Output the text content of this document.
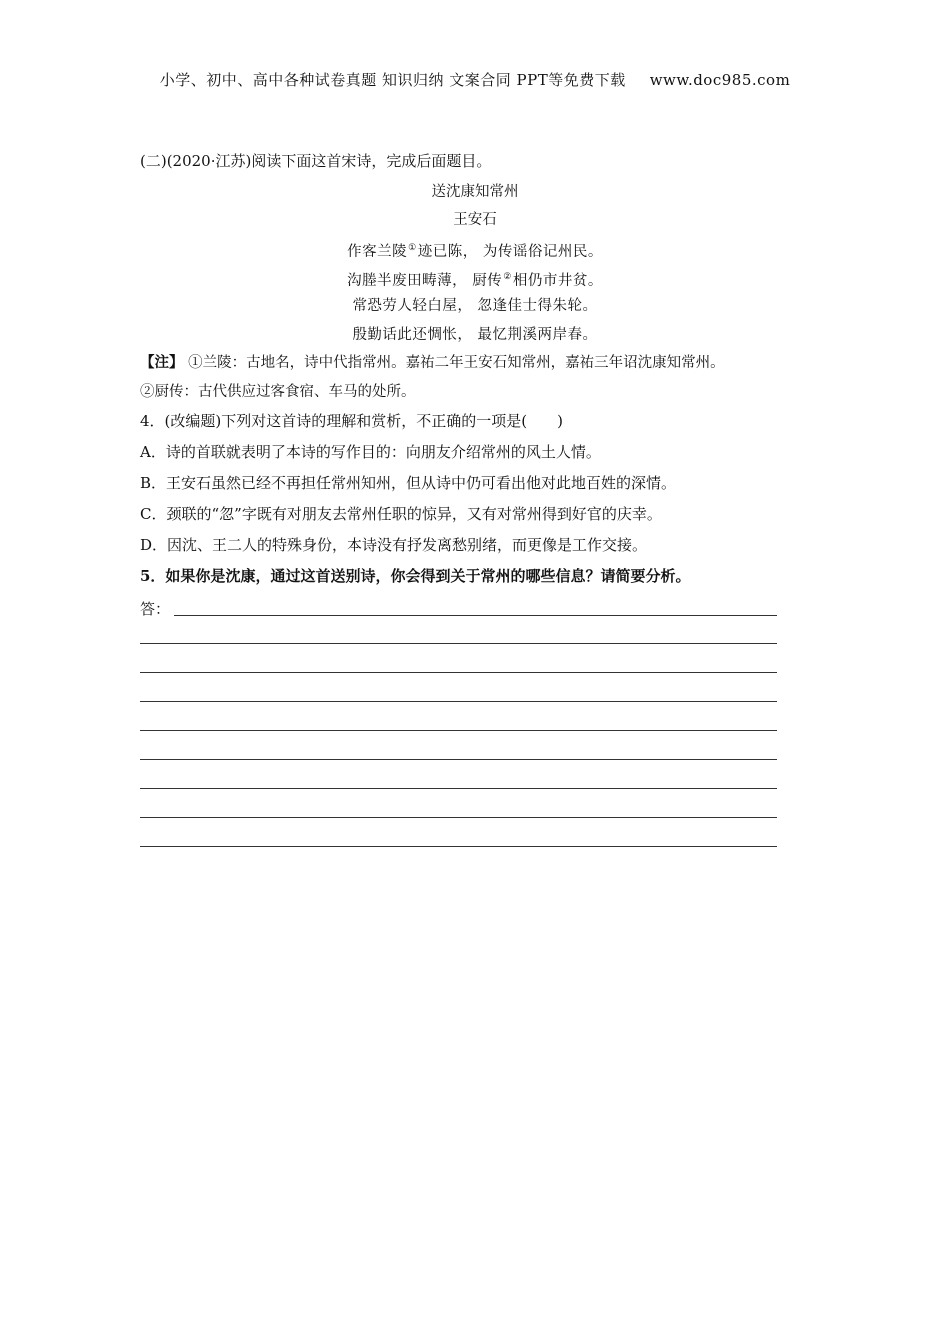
小学、初中、高中各种试卷真题 知识归纳 文案合同 PPT等免费下载 www.doc985.com
(二)(2020·江苏)阅读下面这首宋诗，完成后面题目。
送沈康知常州
王安石
作客兰陵①迹已陈， 为传谣俗记州民。
沟塍半废田畴薄， 厨传②相仍市井贫。
常恐劳人轻白屋， 忽逢佳士得朱轮。
殷勤话此还惆怅， 最忆荆溪两岸春。
【注】 ①兰陵：古地名，诗中代指常州。嘉祐二年王安石知常州，嘉祐三年诏沈康知常州。
②厨传：古代供应过客食宿、车马的处所。
4．(改编题)下列对这首诗的理解和赏析，不正确的一项是(　　)
A．诗的首联就表明了本诗的写作目的：向朋友介绍常州的风土人情。
B．王安石虽然已经不再担任常州知州，但从诗中仍可看出他对此地百姓的深情。
C．颈联的“忽”字既有对朋友去常州任职的惊异，又有对常州得到好官的庆幸。
D．因沈、王二人的特殊身份，本诗没有抒发离愁别绪，而更像是工作交接。
5．如果你是沈康，通过这首送别诗，你会得到关于常州的哪些信息？请简要分析。
答：
